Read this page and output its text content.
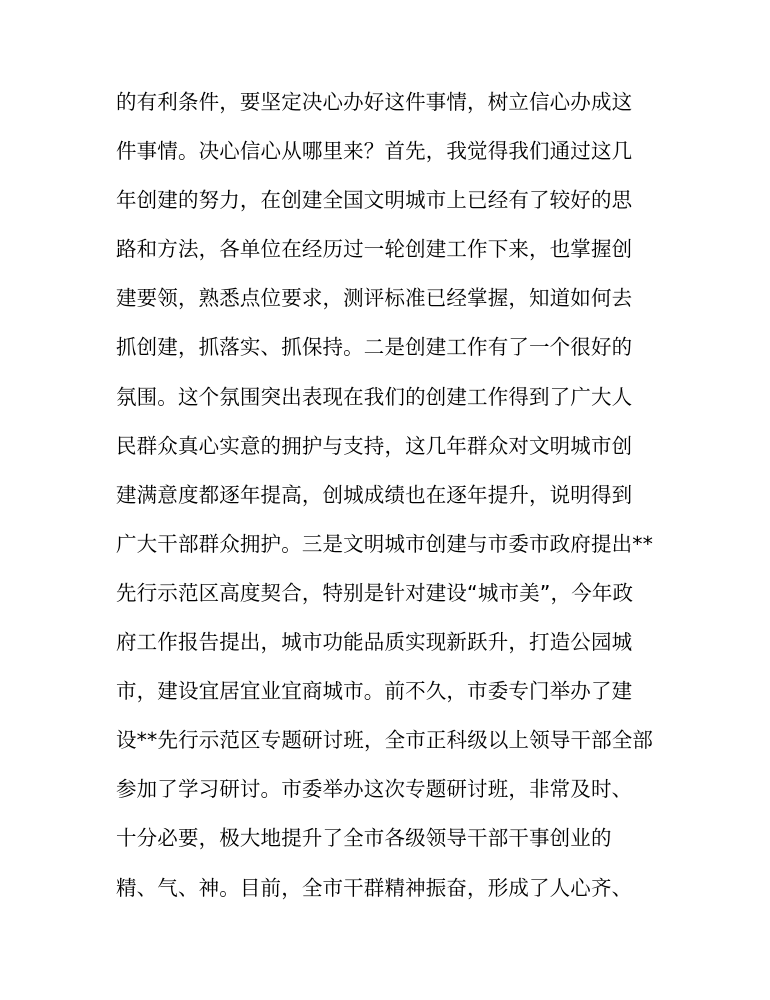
的有利条件，要坚定决心办好这件事情，树立信心办成这
件事情。决心信心从哪里来？首先，我觉得我们通过这几
年创建的努力，在创建全国文明城市上已经有了较好的思
路和方法，各单位在经历过一轮创建工作下来，也掌握创
建要领，熟悉点位要求，测评标准已经掌握，知道如何去
抓创建，抓落实、抓保持。二是创建工作有了一个很好的
氛围。这个氛围突出表现在我们的创建工作得到了广大人
民群众真心实意的拥护与支持，这几年群众对文明城市创
建满意度都逐年提高，创城成绩也在逐年提升，说明得到
广大干部群众拥护。三是文明城市创建与市委市政府提出**
先行示范区高度契合，特别是针对建设“城市美”，今年政
府工作报告提出，城市功能品质实现新跃升，打造公园城
市，建设宜居宜业宜商城市。前不久，市委专门举办了建
设**先行示范区专题研讨班，全市正科级以上领导干部全部
参加了学习研讨。市委举办这次专题研讨班，非常及时、
十分必要，极大地提升了全市各级领导干部干事创业的
精、气、神。目前，全市干群精神振奋，形成了人心齐、
